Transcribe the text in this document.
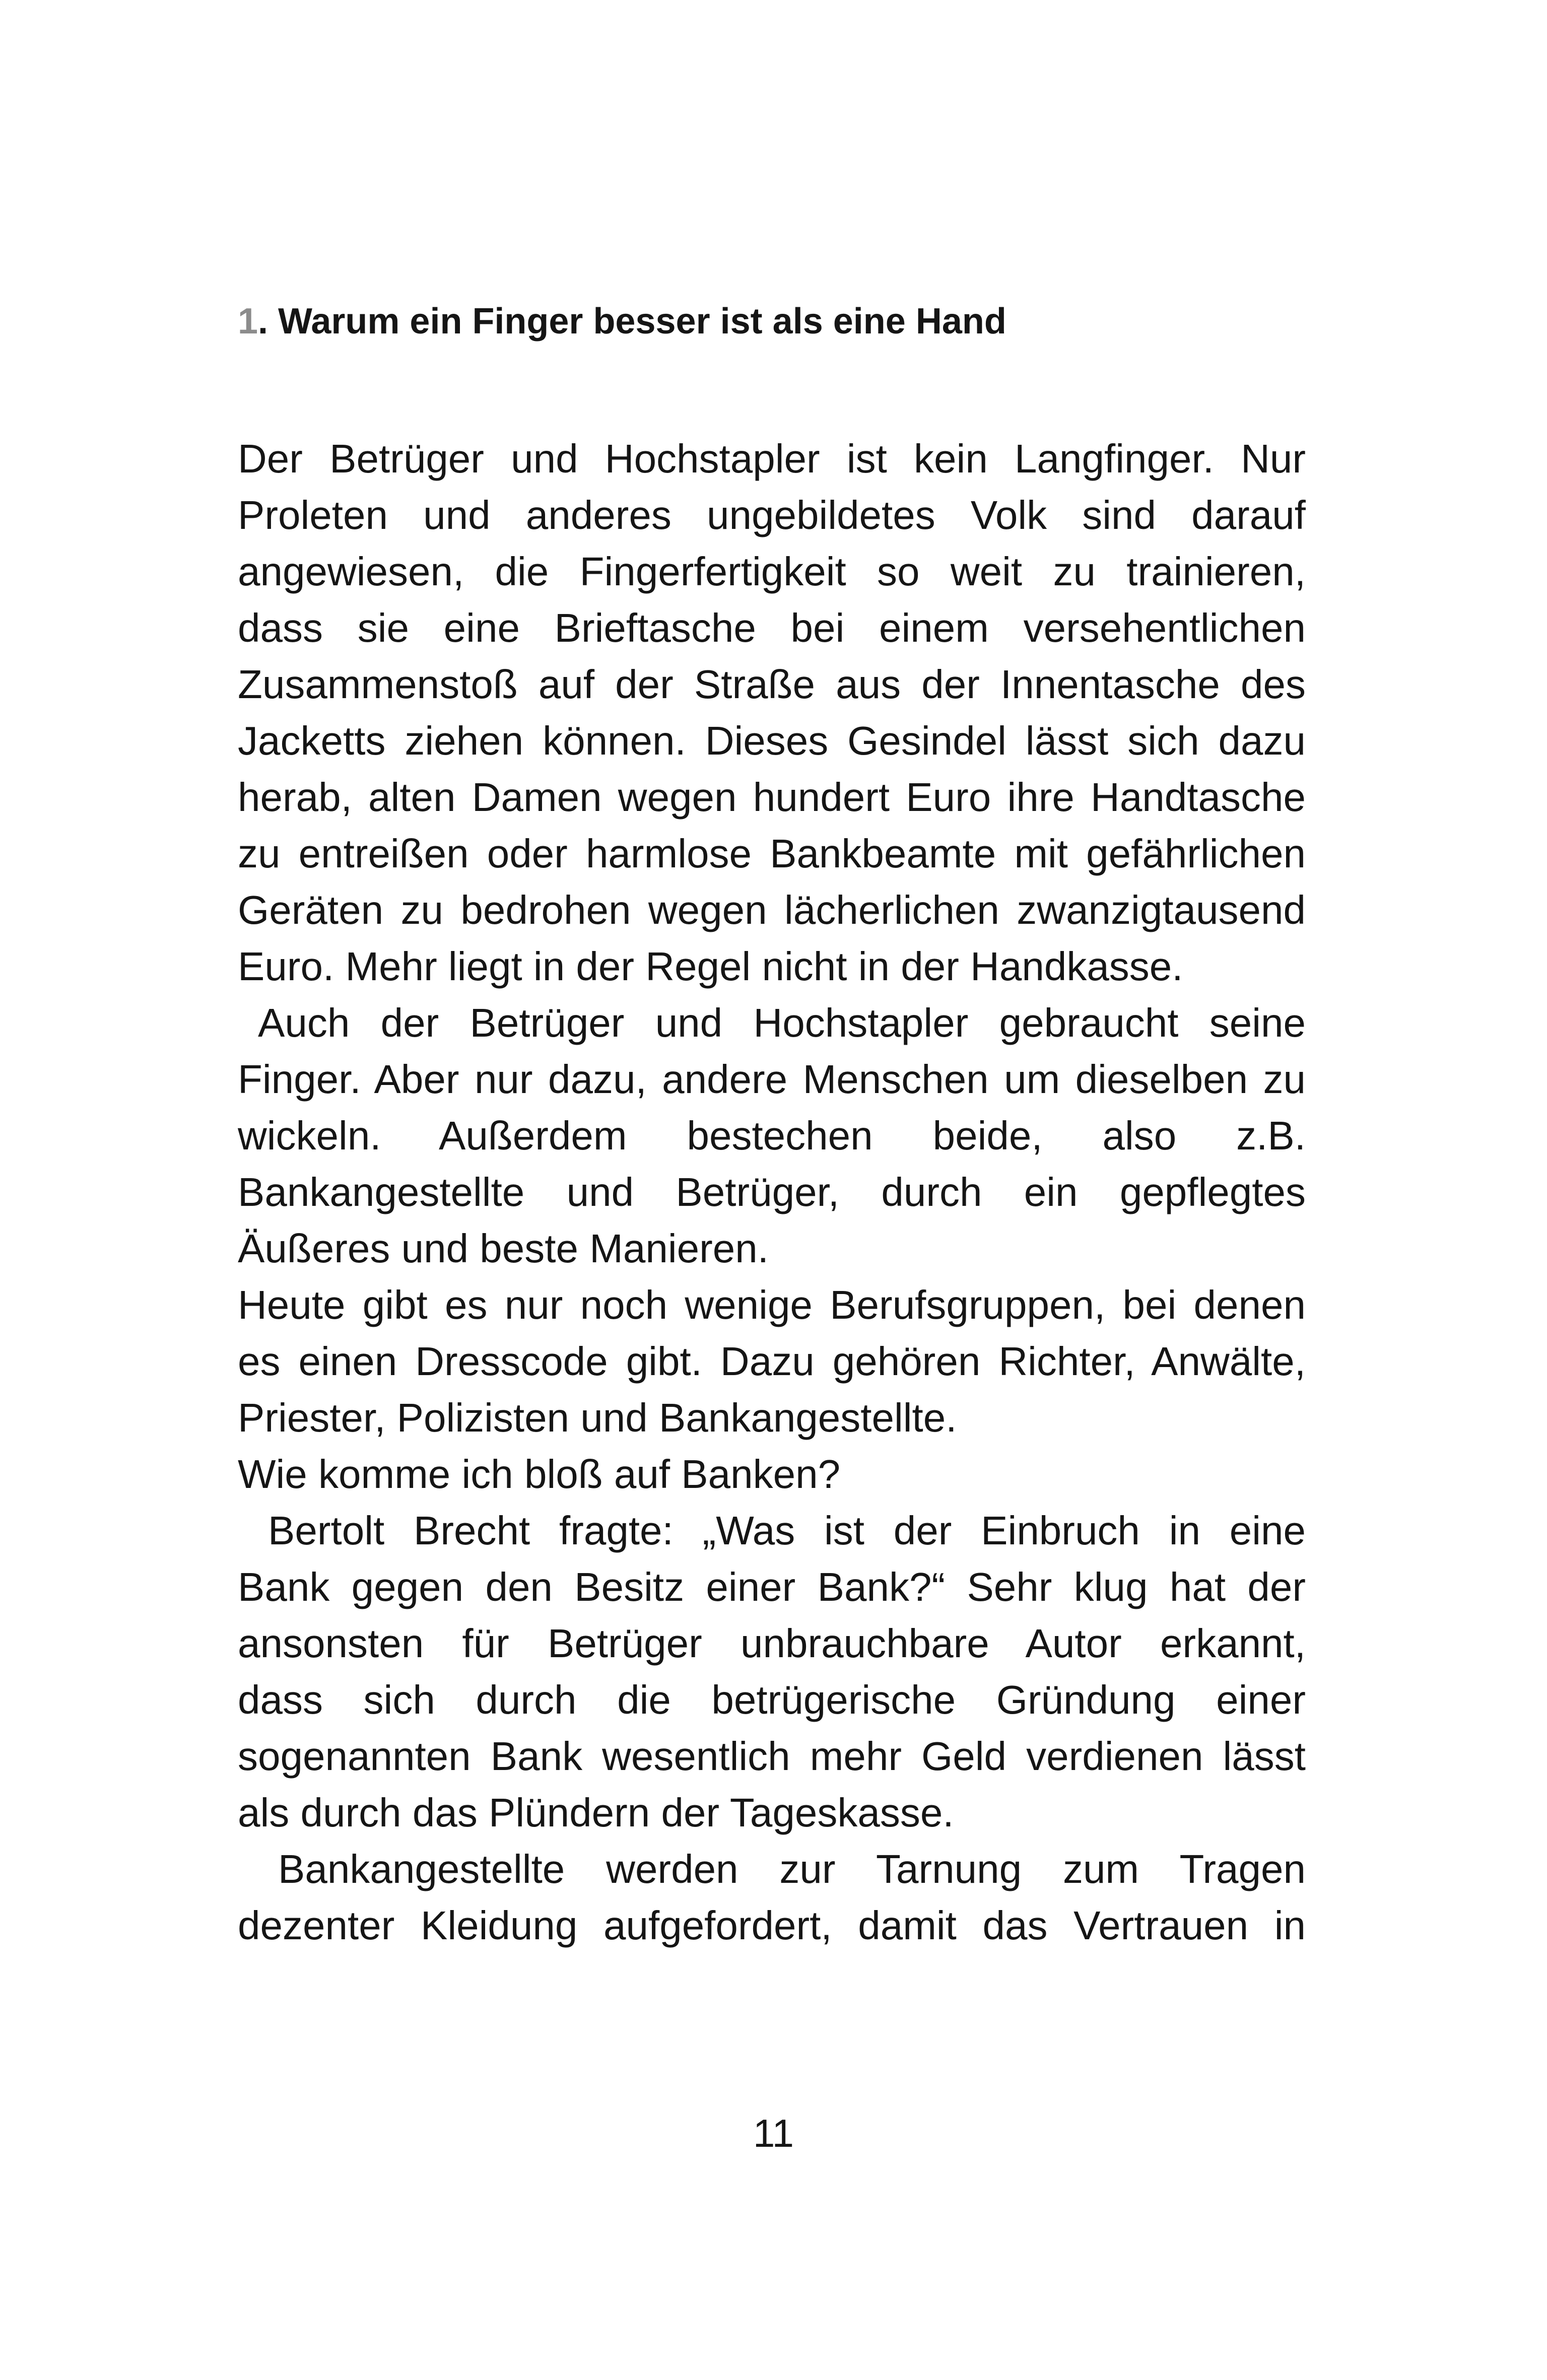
1. Warum ein Finger besser ist als eine Hand
Der Betrüger und Hochstapler ist kein Langfinger. Nur
Proleten und anderes ungebildetes Volk sind darauf
angewiesen, die Fingerfertigkeit so weit zu trainieren,
dass sie eine Brieftasche bei einem versehentlichen
Zusammenstoß auf der Straße aus der Innentasche des
Jacketts ziehen können. Dieses Gesindel lässt sich dazu
herab, alten Damen wegen hundert Euro ihre Handtasche
zu entreißen oder harmlose Bankbeamte mit gefährlichen
Geräten zu bedrohen wegen lächerlichen zwanzigtausend
Euro. Mehr liegt in der Regel nicht in der Handkasse.
Auch der Betrüger und Hochstapler gebraucht seine
Finger. Aber nur dazu, andere Menschen um dieselben zu
wickeln. Außerdem bestechen beide, also z.B.
Bankangestellte und Betrüger, durch ein gepflegtes
Äußeres und beste Manieren.
Heute gibt es nur noch wenige Berufsgruppen, bei denen
es einen Dresscode gibt. Dazu gehören Richter, Anwälte,
Priester, Polizisten und Bankangestellte.
Wie komme ich bloß auf Banken?
Bertolt Brecht fragte: „Was ist der Einbruch in eine
Bank gegen den Besitz einer Bank?“ Sehr klug hat der
ansonsten für Betrüger unbrauchbare Autor erkannt,
dass sich durch die betrügerische Gründung einer
sogenannten Bank wesentlich mehr Geld verdienen lässt
als durch das Plündern der Tageskasse.
Bankangestellte werden zur Tarnung zum Tragen
dezenter Kleidung aufgefordert, damit das Vertrauen in
11
